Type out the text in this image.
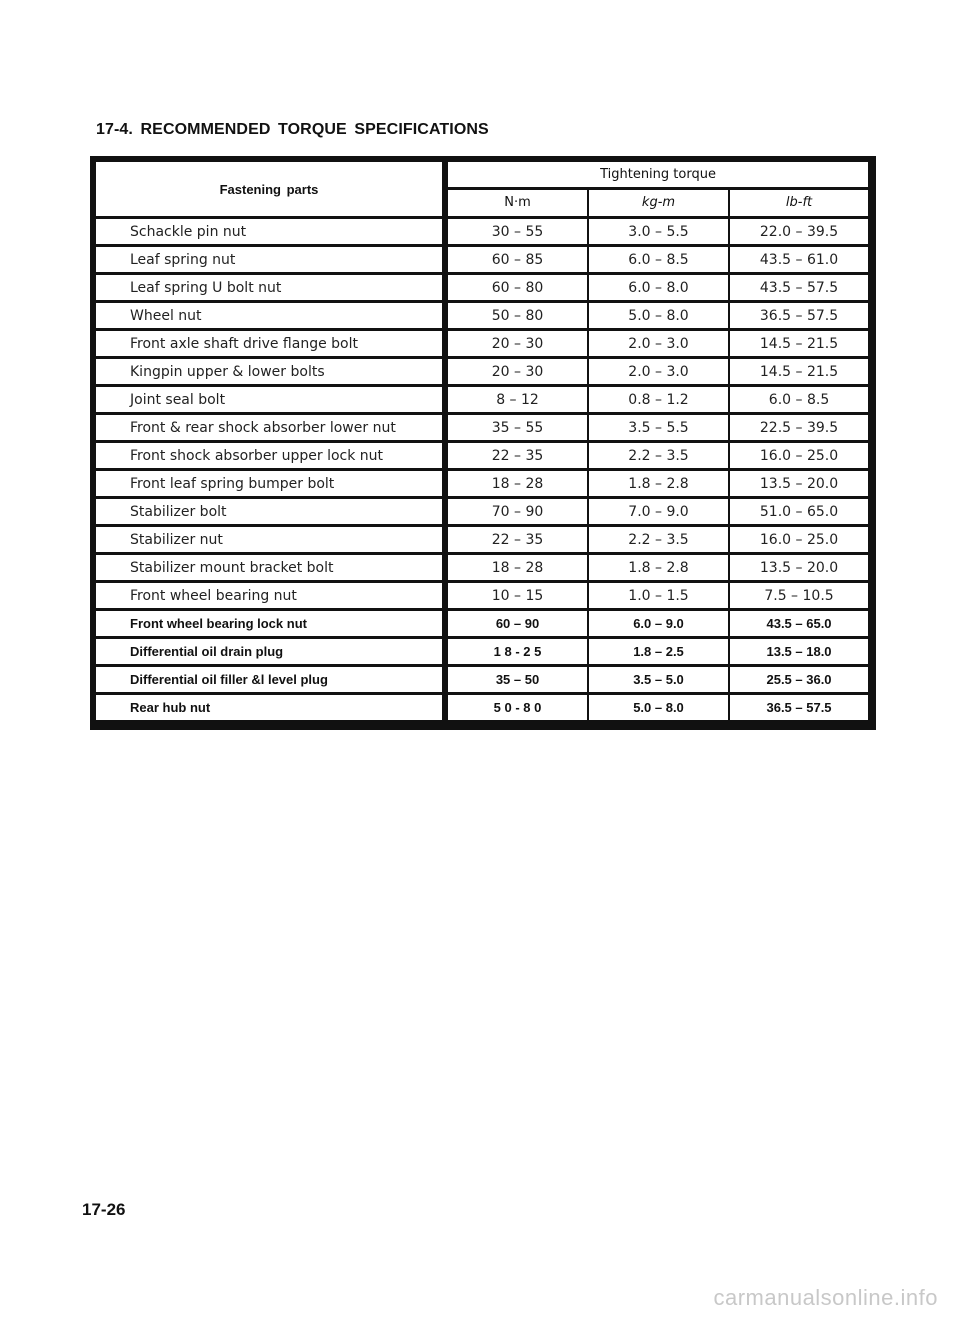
17-4. RECOMMENDED TORQUE SPECIFICATIONS
Fastening parts	Tightening torque		
	N·m	kg-m	lb-ft
Schackle pin nut	30 – 55	3.0 – 5.5	22.0 – 39.5
Leaf spring nut	60 – 85	6.0 – 8.5	43.5 – 61.0
Leaf spring U bolt nut	60 – 80	6.0 – 8.0	43.5 – 57.5
Wheel nut	50 – 80	5.0 – 8.0	36.5 – 57.5
Front axle shaft drive flange bolt	20 – 30	2.0 – 3.0	14.5 – 21.5
Kingpin upper & lower bolts	20 – 30	2.0 – 3.0	14.5 – 21.5
Joint seal bolt	8 – 12	0.8 – 1.2	6.0 – 8.5
Front & rear shock absorber lower nut	35 – 55	3.5 – 5.5	22.5 – 39.5
Front shock absorber upper lock nut	22 – 35	2.2 – 3.5	16.0 – 25.0
Front leaf spring bumper bolt	18 – 28	1.8 – 2.8	13.5 – 20.0
Stabilizer bolt	70 – 90	7.0 – 9.0	51.0 – 65.0
Stabilizer nut	22 – 35	2.2 – 3.5	16.0 – 25.0
Stabilizer mount bracket bolt	18 – 28	1.8 – 2.8	13.5 – 20.0
Front wheel bearing nut	10 – 15	1.0 – 1.5	7.5 – 10.5
Front wheel bearing lock nut	60 – 90	6.0 – 9.0	43.5 – 65.0
Differential oil drain plug	1 8 - 2 5	1.8 – 2.5	13.5 – 18.0
Differential oil filler &l level plug	35 – 50	3.5 – 5.0	25.5 – 36.0
Rear hub nut	5 0 - 8 0	5.0 – 8.0	36.5 – 57.5
17-26
carmanualsonline.info
